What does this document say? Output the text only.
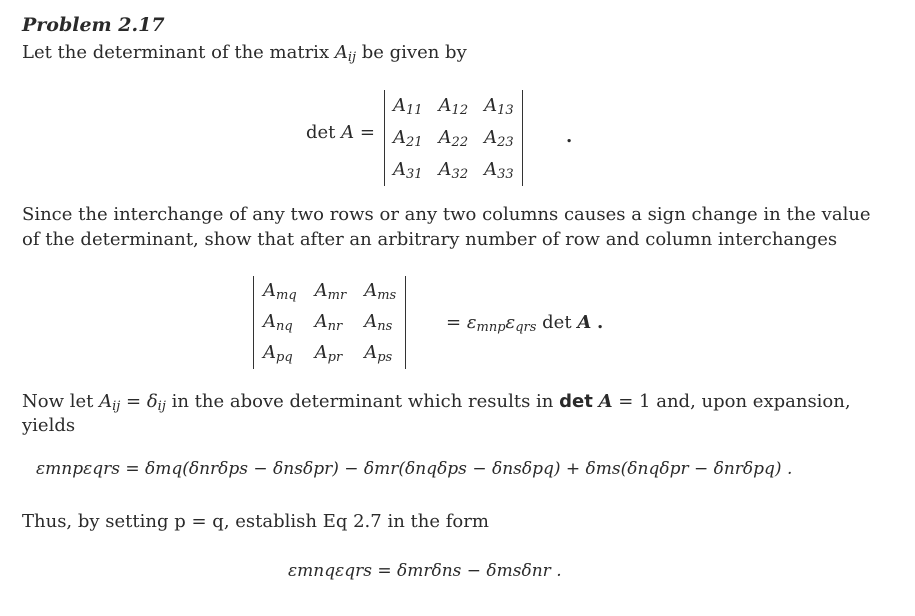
Problem 2.17
Let the determinant of the matrix $A_{ij}$ be given by
det A =
$A_{11}$	$A_{12}$	$A_{13}$
$A_{21}$	$A_{22}$	$A_{23}$
$A_{31}$	$A_{32}$	$A_{33}$
.
Since the interchange of any two rows or any two columns causes a sign change in the value
of the determinant, show that after an arbitrary number of row and column interchanges
$A_{mq}$	$A_{mr}$	$A_{ms}$
$A_{nq}$	$A_{nr}$	$A_{ns}$
$A_{pq}$	$A_{pr}$	$A_{ps}$
= $\varepsilon_{mnp}\varepsilon_{qrs}$ det A .
Now let $A_{ij} = \delta_{ij}$ in the above determinant which results in det A = 1 and, upon expansion,
yields
εmnpεqrs = δmq(δnrδps − δnsδpr) − δmr(δnqδps − δnsδpq) + δms(δnqδpr − δnrδpq) .
Thus, by setting p = q, establish Eq 2.7 in the form
εmnqεqrs = δmrδns − δmsδnr .
